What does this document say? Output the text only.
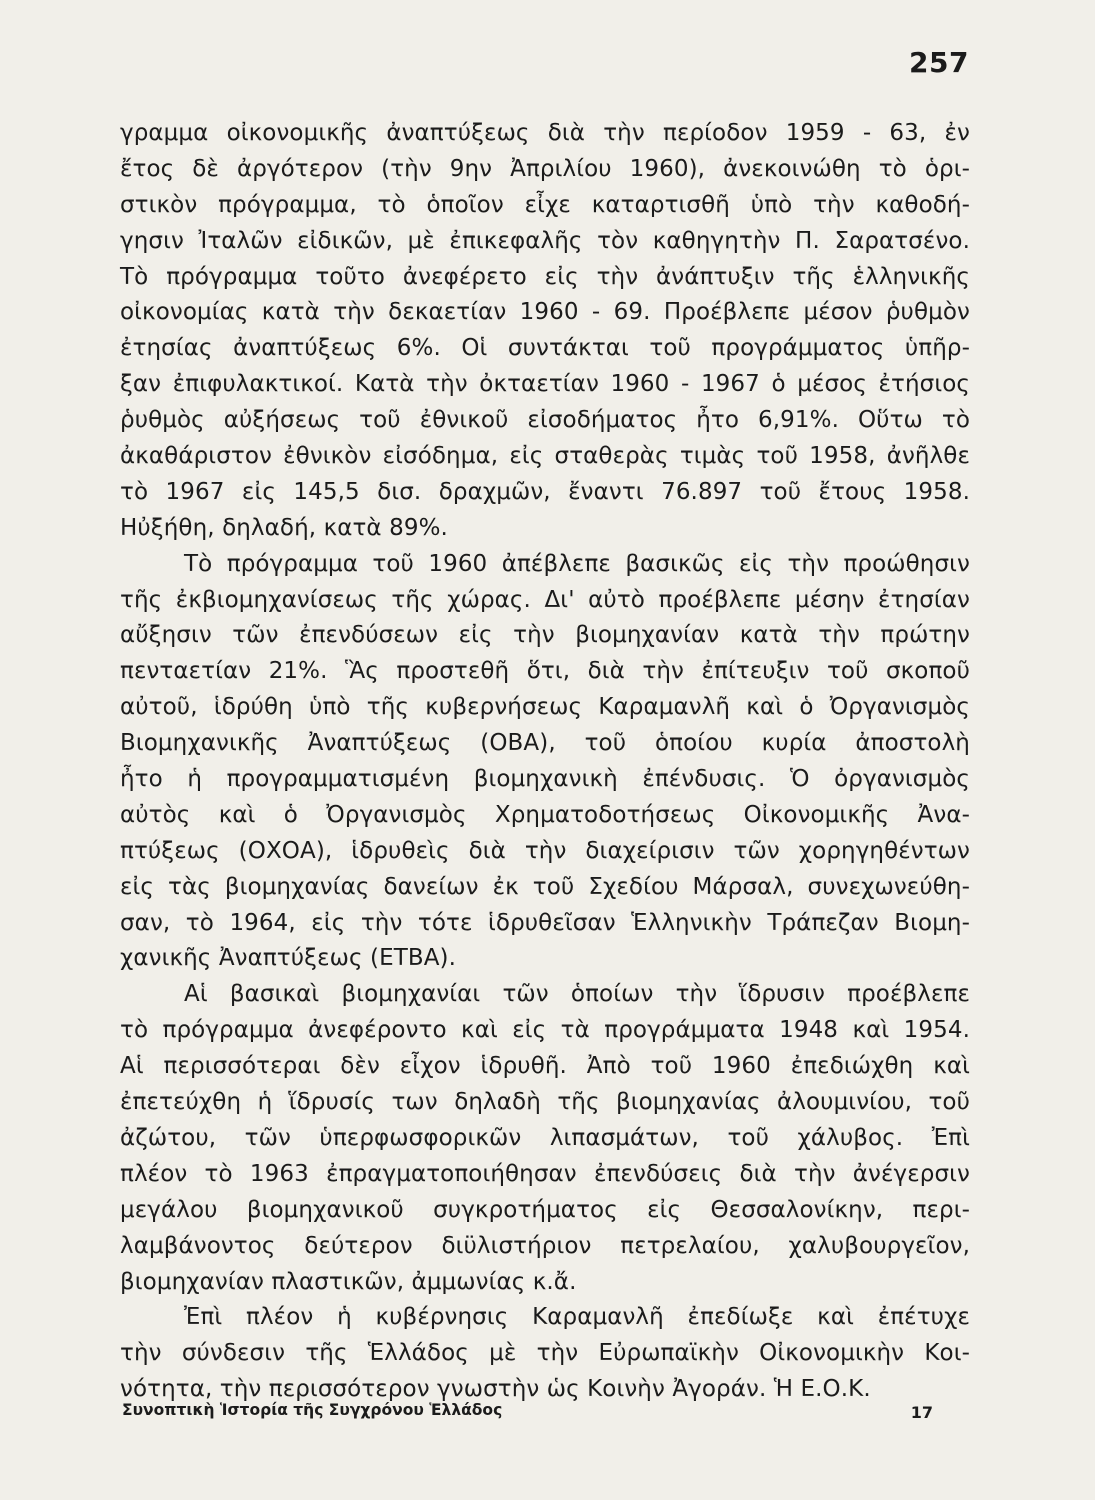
257
γραμμα οἰκονομικῆς ἀναπτύξεως διὰ τὴν περίοδον 1959 - 63, ἐν
ἔτος δὲ ἀργότερον (τὴν 9ην Ἀπριλίου 1960), ἀνεκοινώθη τὸ ὁρι-
στικὸν πρόγραμμα, τὸ ὁποῖον εἶχε καταρτισθῆ ὑπὸ τὴν καθοδή-
γησιν Ἰταλῶν εἰδικῶν, μὲ ἐπικεφαλῆς τὸν καθηγητὴν Π. Σαρατσένο.
Τὸ πρόγραμμα τοῦτο ἀνεφέρετο εἰς τὴν ἀνάπτυξιν τῆς ἑλληνικῆς
οἰκονομίας κατὰ τὴν δεκαετίαν 1960 - 69. Προέβλεπε μέσον ῥυθμὸν
ἐτησίας ἀναπτύξεως 6%. Οἱ συντάκται τοῦ προγράμματος ὑπῆρ-
ξαν ἐπιφυλακτικοί. Κατὰ τὴν ὀκταετίαν 1960 - 1967 ὁ μέσος ἐτήσιος
ῥυθμὸς αὐξήσεως τοῦ ἐθνικοῦ εἰσοδήματος ἦτο 6,91%. Οὕτω τὸ
ἀκαθάριστον ἐθνικὸν εἰσόδημα, εἰς σταθερὰς τιμὰς τοῦ 1958, ἀνῆλθε
τὸ 1967 εἰς 145,5 δισ. δραχμῶν, ἔναντι 76.897 τοῦ ἔτους 1958.
Ηὐξήθη, δηλαδή, κατὰ 89%.
Τὸ πρόγραμμα τοῦ 1960 ἀπέβλεπε βασικῶς εἰς τὴν προώθησιν
τῆς ἐκβιομηχανίσεως τῆς χώρας. Δι' αὐτὸ προέβλεπε μέσην ἐτησίαν
αὔξησιν τῶν ἐπενδύσεων εἰς τὴν βιομηχανίαν κατὰ τὴν πρώτην
πενταετίαν 21%. Ἃς προστεθῆ ὅτι, διὰ τὴν ἐπίτευξιν τοῦ σκοποῦ
αὐτοῦ, ἱδρύθη ὑπὸ τῆς κυβερνήσεως Καραμανλῆ καὶ ὁ Ὀργανισμὸς
Βιομηχανικῆς Ἀναπτύξεως (ΟΒΑ), τοῦ ὁποίου κυρία ἀποστολὴ
ἦτο ἡ προγραμματισμένη βιομηχανικὴ ἐπένδυσις. Ὁ ὀργανισμὸς
αὐτὸς καὶ ὁ Ὀργανισμὸς Χρηματοδοτήσεως Οἰκονομικῆς Ἀνα-
πτύξεως (ΟΧΟΑ), ἱδρυθεὶς διὰ τὴν διαχείρισιν τῶν χορηγηθέντων
εἰς τὰς βιομηχανίας δανείων ἐκ τοῦ Σχεδίου Μάρσαλ, συνεχωνεύθη-
σαν, τὸ 1964, εἰς τὴν τότε ἱδρυθεῖσαν Ἑλληνικὴν Τράπεζαν Βιομη-
χανικῆς Ἀναπτύξεως (ΕΤΒΑ).
Αἱ βασικαὶ βιομηχανίαι τῶν ὁποίων τὴν ἵδρυσιν προέβλεπε
τὸ πρόγραμμα ἀνεφέροντο καὶ εἰς τὰ προγράμματα 1948 καὶ 1954.
Αἱ περισσότεραι δὲν εἶχον ἱδρυθῆ. Ἀπὸ τοῦ 1960 ἐπεδιώχθη καὶ
ἐπετεύχθη ἡ ἵδρυσίς των δηλαδὴ τῆς βιομηχανίας ἀλουμινίου, τοῦ
ἀζώτου, τῶν ὑπερφωσφορικῶν λιπασμάτων, τοῦ χάλυβος. Ἐπὶ
πλέον τὸ 1963 ἐπραγματοποιήθησαν ἐπενδύσεις διὰ τὴν ἀνέγερσιν
μεγάλου βιομηχανικοῦ συγκροτήματος εἰς Θεσσαλονίκην, περι-
λαμβάνοντος δεύτερον διϋλιστήριον πετρελαίου, χαλυβουργεῖον,
βιομηχανίαν πλαστικῶν, ἀμμωνίας κ.ἄ.
Ἐπὶ πλέον ἡ κυβέρνησις Καραμανλῆ ἐπεδίωξε καὶ ἐπέτυχε
τὴν σύνδεσιν τῆς Ἑλλάδος μὲ τὴν Εὐρωπαϊκὴν Οἰκονομικὴν Κοι-
νότητα, τὴν περισσότερον γνωστὴν ὡς Κοινὴν Ἀγοράν. Ἡ Ε.Ο.Κ.
Συνοπτικὴ Ἱστορία τῆς Συγχρόνου Ἑλλάδος	17
